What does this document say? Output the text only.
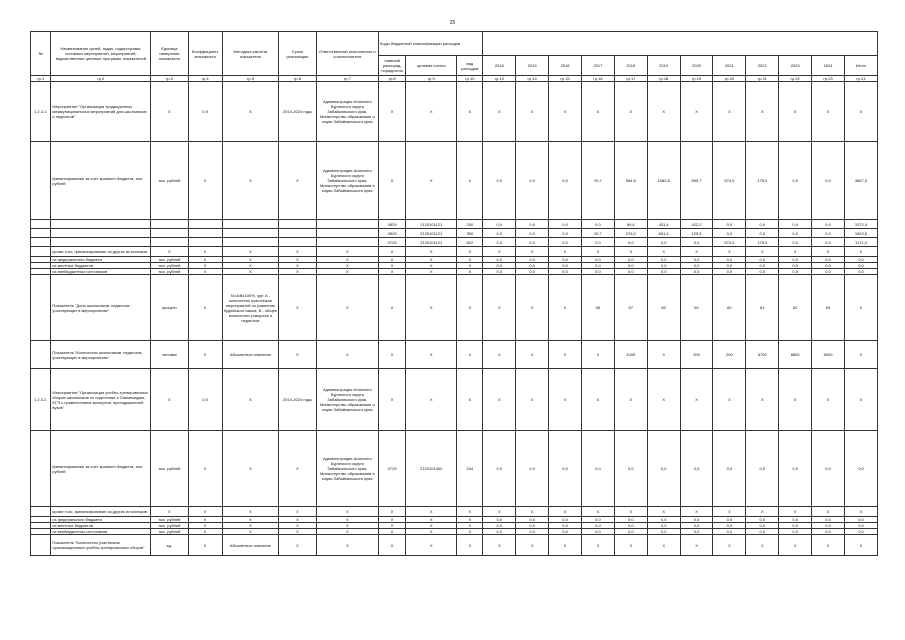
25
№	Наименование целей, задач, подпрограмм, основных мероприятий, мероприятий, ведомственных целевых программ, показателей	Единица измерения показателя	Коэффициент значимости	Методика расчета показателя	Сроки реализации	Ответственный исполнитель и соисполнители	Коды бюджетной классификации расходов														
							главный распоряд. порядитель	целевая статья	вид расходов	2018	2019	2016	2017	2018	2019	2020	2021	2022	2023	2024	Итого
гр.1	гр.2	гр.3	гр.4	гр.5	гр.6	гр.7	гр.8	гр.9	гр.10	гр.13	гр.14	гр.15	гр.16	гр.17	гр.18	гр.19	гр.20	гр.21	гр.22	гр.23	гр.24
1.2.3.1.	Мероприятие "Организация традиционных межмуниципальных мероприятий для школьников и педагогов"	X	0,9	X	2014-2024 годы	Администрация Агинского Бурятского округа Забайкальского края, Министерство образования и науки Забайкальского края	X	X	X	X	X	X	X	X	X	X	X	X	X	X	X
	финансирование за счет краевого бюджета, тыс. рублей	тыс. рублей	X	X	X	Администрация Агинского Бурятского округа Забайкальского края, Министерство образования и науки Забайкальского края	X	X	X	0,0	0,0	0,0	29,7	564,8	1082,8	655,7	574,0	175,0	0,0	0,0	3667,0
							0829	2120101121	240	0,0	0,0	0,0	0,0	69,4	431,4	422,2	0,0	0,0	0,0	0,0	1072,4
							0829	2120101121	350	0,0	0,0	0,0	29,7	276,0	651,4	125,5	0,0	0,0	0,0	0,0	1623,6
							0729	2120101121	622	0,0	0,0	0,0	0,0	0,0	0,0	0,0	574,0	175,0	0,0	0,0	1171,0
	кроме того, финансирование из других источников:	X	X	X	X	X	X	X	X	X	X	X	X	X	X	X	X	X	X	X	X
	из федерального бюджета	тыс. рублей	X	X	X	X	X	X	X	0,0	0,0	0,0	0,0	0,0	0,0	0,0	0,0	0,0	0,0	0,0	0,0
	из местных бюджетов	тыс. рублей	X	X	X	X	X	X	X	0,0	0,0	0,0	0,0	0,0	0,0	0,0	0,0	0,0	0,0	0,0	0,0
	из внебюджетных источников	тыс. рублей	X	X	X	X	X	X	X	0,0	0,0	0,0	0,0	0,0	0,0	0,0	0,0	0,0	0,0	0,0	0,0
	Показатель "Доля школьников, педагогов, участвующих в мероприятиях"	процент	X	N=A/Bx100%, где: A - количество участников мероприятий по развитию будайского языка; B - общее количество учащихся и педагогов	X	X	X	X	X	X	X	X	55	57	60	60	60	61	62	63	X
	Показатель "Количество школьников, педагогов, участвующих в мероприятиях"	человек	X	Абсолютное значение	X	X	X	X	X	X	X	X	X	1000	X	200	200	6700	6800	6900	X
1.2.3.2.	Мероприятие "Организация учебно-тренировочных сборов школьников по подготовке к Олимпиадам, ЕГЭ с привлечением экспертов, преподавателей вузов"	X	0,5	X	2014-2024 годы	Администрация Агинского Бурятского округа Забайкальского края, Министерство образования и науки Забайкальского края	X	X	X	X	X	X	X	X	X	X	X	X	X	X	X
	финансирование за счет краевого бюджета, тыс. рублей	тыс. рублей	X	X	X	Администрация Агинского Бурятского округа Забайкальского края, Министерство образования и науки Забайкальского края	0729	2120101400	244	0,0	0,0	0,0	0,0	0,0	0,0	0,0	0,0	0,0	0,0	0,0	0,0
	кроме того, финансирование из других источников:	X	X	X	X	X	X	X	X	X	X	X	X	X	X	X	X	X	X	X	X
	из федерального бюджета	тыс. рублей	X	X	X	X	X	X	X	0,0	0,0	0,0	0,0	0,0	0,0	0,0	0,0	0,0	0,0	0,0	0,0
	из местных бюджетов	тыс. рублей	X	X	X	X	X	X	X	0,0	0,0	0,0	0,0	0,0	0,0	0,0	0,0	0,0	0,0	0,0	0,0
	из внебюджетных источников	тыс. рублей	X	X	X	X	X	X	X	0,0	0,0	0,0	0,0	0,0	0,0	0,0	0,0	0,0	0,0	0,0	0,0
	Показатель "Количество участников организационных учебно-тренировочных сборов"	ед.	X	Абсолютное значение	X	X	X	X	X	X	X	X	X	X	X	X	X	X	X	X	X
